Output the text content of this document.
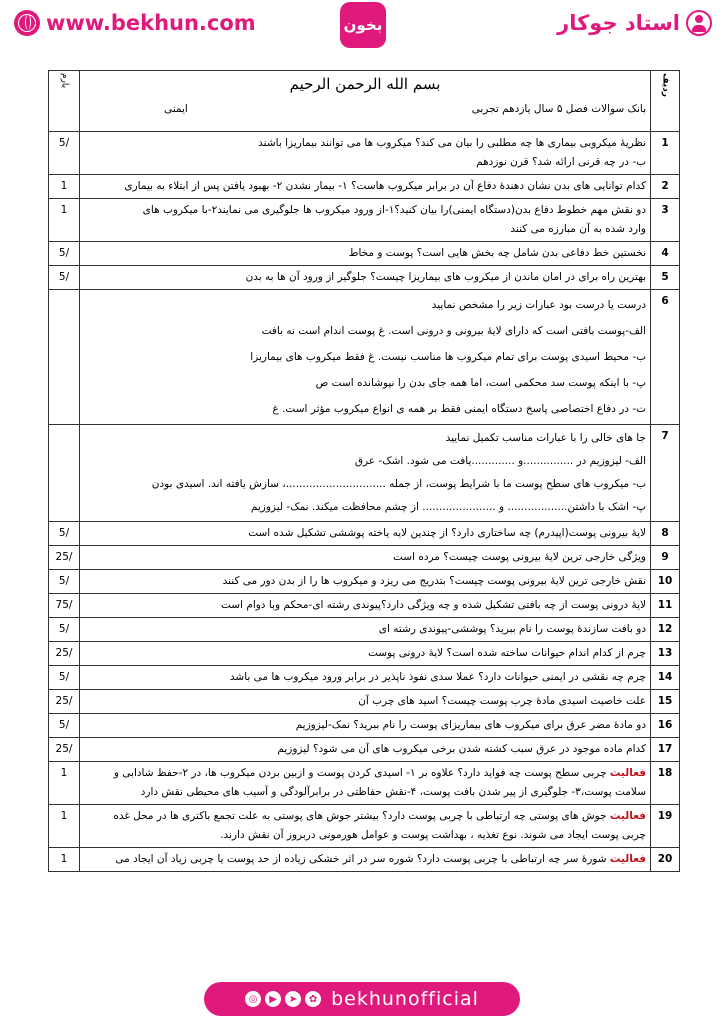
www.bekhun.com	بخون	استاد جوکار
ردیف	بسم الله الرحمن الرحیم
بانک سوالات فصل ۵ سال یازدهم تجربی
ایمنی	بارم
1	نظریهٔ میکروبی بیماری ها چه مطلبی را بیان می کند؟ میکروب ها می توانند بیماریزا باشند
ب- در چه قرنی ارائه شد؟ قرن نوزدهم	/5
2	کدام توانایی های بدن نشان دهندهٔ دفاع آن در برابر میکروب هاست؟ ۱- بیمار نشدن ۲- بهبود یافتن پس از ابتلاء به بیماری	1
3	دو نقش مهم خطوط دفاع بدن(دستگاه ایمنی)را بیان کنید؟۱-از ورود میکروب ها جلوگیری می نمایند۲-با میکروب های
وارد شده به آن مبارزه می کنند	1
4	نخستین خط دفاعی بدن شامل چه بخش هایی است؟ پوست و مخاط	/5
5	بهترین راه برای در امان ماندن از میکروب های بیماریزا چیست؟ جلوگیر از ورود آن ها به بدن	/5
6	درست یا درست بود عبارات زیر را مشخص نمایید
الف-پوست بافتی است که دارای لایهٔ بیرونی و درونی است. غ پوست اندام است نه بافت
ب- محیط اسیدی پوست برای تمام میکروب ها مناسب نیست. غ فقط میکروب های بیماریزا
پ- با اینکه پوست سد محکمی است، اما همه جای بدن را نپوشانده است ص
ت- در دفاع اختصاصی پاسخ دستگاه ایمنی فقط بر همه ی انواع میکروب مؤثر است. غ	

7	جا های خالی را با عبارات مناسب تکمیل نمایید
الف- لیزوزیم در ...............و .............یافت می شود. اشک- عرق
ب- میکروب های سطح پوست ما با شرایط پوست، از جمله ..............................، سازش یافته اند. اسیدی بودن
پ- اشک با داشتن.................. و ...................... از چشم محافظت میکند. نمک- لیزوزیم	

8	لایهٔ بیرونی پوست(اپیدرم) چه ساختاری دارد؟ از چندین لایه یاخته پوششی تشکیل شده است	/5
9	ویژگی خارجی ترین لایهٔ بیرونی پوست چیست؟ مرده است	/25
10	نقش خارجی ترین لایهٔ بیرونی پوست چیست؟ بتدریج می ریزد و میکروب ها را از بدن دور می کنند	/5
11	لایهٔ درونی پوست از چه بافتی تشکیل شده و چه ویژگی دارد؟پیوندی رشته ای-محکم وبا دوام است	/75
12	دو بافت سازندهٔ پوست را نام ببرید؟ پوششی-پیوندی رشته ای	/5
13	چرم از کدام اندام حیوانات ساخته شده است؟ لایهٔ درونی پوست	/25
14	چرم چه نقشی در ایمنی حیوانات دارد؟ عملا سدی نفوذ ناپذیر در برابر ورود میکروب ها می باشد	/5
15	علت خاصیت اسیدی مادهٔ چرب پوست چیست؟ اسید های چرب آن	/25
16	دو مادهٔ مضر عرق برای میکروب های بیماریزای پوست را نام ببرید؟ نمک-لیزوزیم	/5
17	کدام ماده موجود در عرق سبب کشته شدن برخی میکروب های آن می شود؟ لیزوزیم	/25
18	فعالیت چربی سطح پوست چه فواید دارد؟ علاوه بر ۱- اسیدی کردن پوست و ازبین بردن میکروب ها، در ۲-حفظ شادابی و
سلامت پوست،۳- جلوگیری از پیر شدن بافت پوست، ۴-نقش حفاظتی در برابرآلودگی و آسیب های محیطی نقش دارد	1
19	فعالیت جوش های پوستی چه ارتباطی با چربی پوست دارد؟ بیشتر جوش های پوستی به علت تجمع باکتری ها در محل غده
چربی پوست ایجاد می شوند. نوع تغذیه ، بهداشت پوست و عوامل هورمونی دربروز آن نقش دارند.	1
20	فعالیت شورهٔ سر چه ارتباطی با چربی پوست دارد؟ شوره سر در اثر خشکی زیاده از حد پوست یا چربی زیاد آن ایجاد می	1
◎	▶	➤	✿ bekhunofficial
